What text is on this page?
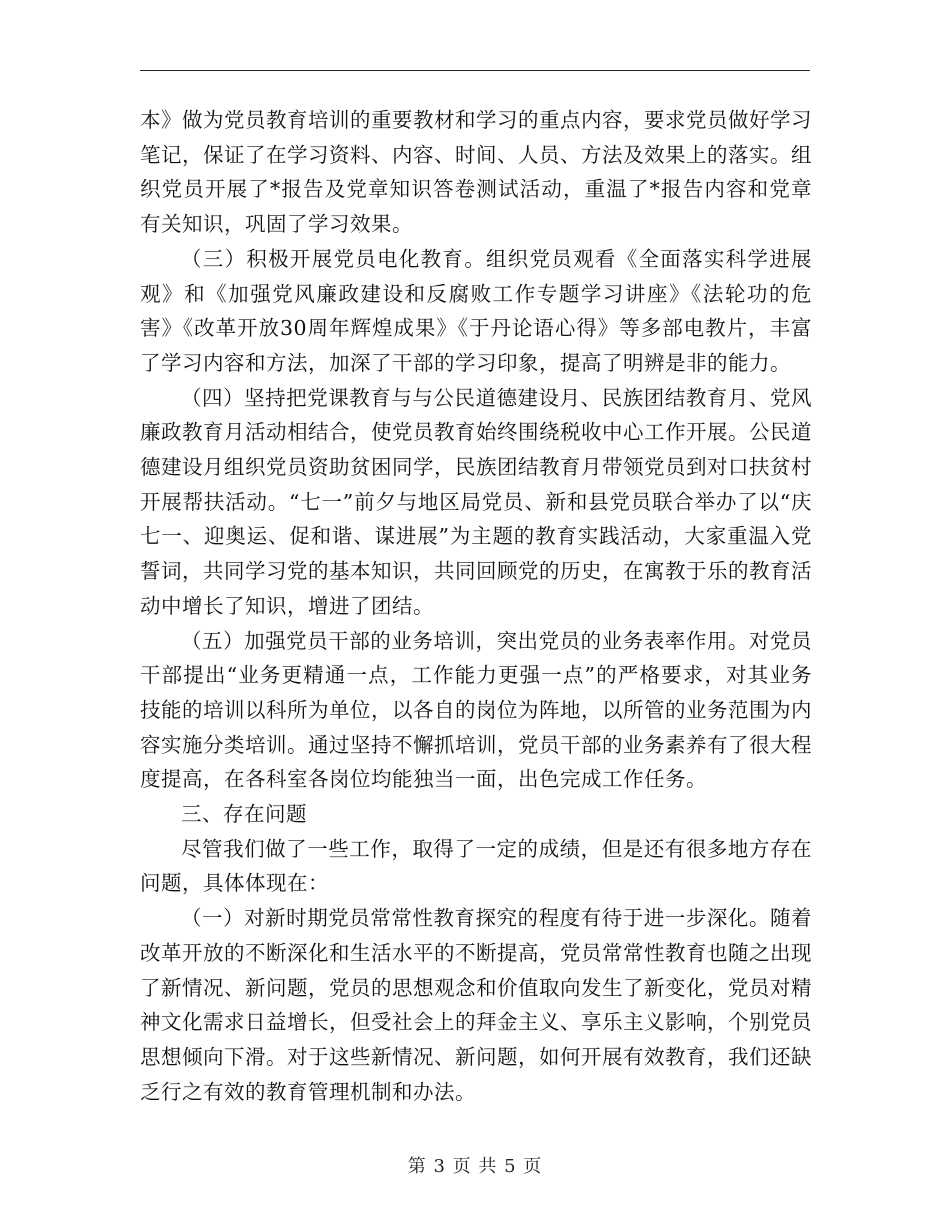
本》做为党员教育培训的重要教材和学习的重点内容，要求党员做好学习笔记，保证了在学习资料、内容、时间、人员、方法及效果上的落实。组织党员开展了*报告及党章知识答卷测试活动，重温了*报告内容和党章有关知识，巩固了学习效果。

（三）积极开展党员电化教育。组织党员观看《全面落实科学进展观》和《加强党风廉政建设和反腐败工作专题学习讲座》《法轮功的危害》《改革开放30周年辉煌成果》《于丹论语心得》等多部电教片，丰富了学习内容和方法，加深了干部的学习印象，提高了明辨是非的能力。

（四）坚持把党课教育与与公民道德建设月、民族团结教育月、党风廉政教育月活动相结合，使党员教育始终围绕税收中心工作开展。公民道德建设月组织党员资助贫困同学，民族团结教育月带领党员到对口扶贫村开展帮扶活动。“七一”前夕与地区局党员、新和县党员联合举办了以“庆七一、迎奥运、促和谐、谋进展”为主题的教育实践活动，大家重温入党誓词，共同学习党的基本知识，共同回顾党的历史，在寓教于乐的教育活动中增长了知识，增进了团结。

（五）加强党员干部的业务培训，突出党员的业务表率作用。对党员干部提出“业务更精通一点，工作能力更强一点”的严格要求，对其业务技能的培训以科所为单位，以各自的岗位为阵地，以所管的业务范围为内容实施分类培训。通过坚持不懈抓培训，党员干部的业务素养有了很大程度提高，在各科室各岗位均能独当一面，出色完成工作任务。

三、存在问题

尽管我们做了一些工作，取得了一定的成绩，但是还有很多地方存在问题，具体体现在：

（一）对新时期党员常常性教育探究的程度有待于进一步深化。随着改革开放的不断深化和生活水平的不断提高，党员常常性教育也随之出现了新情况、新问题，党员的思想观念和价值取向发生了新变化，党员对精神文化需求日益增长，但受社会上的拜金主义、享乐主义影响，个别党员思想倾向下滑。对于这些新情况、新问题，如何开展有效教育，我们还缺乏行之有效的教育管理机制和办法。

第 3 页 共 5 页
